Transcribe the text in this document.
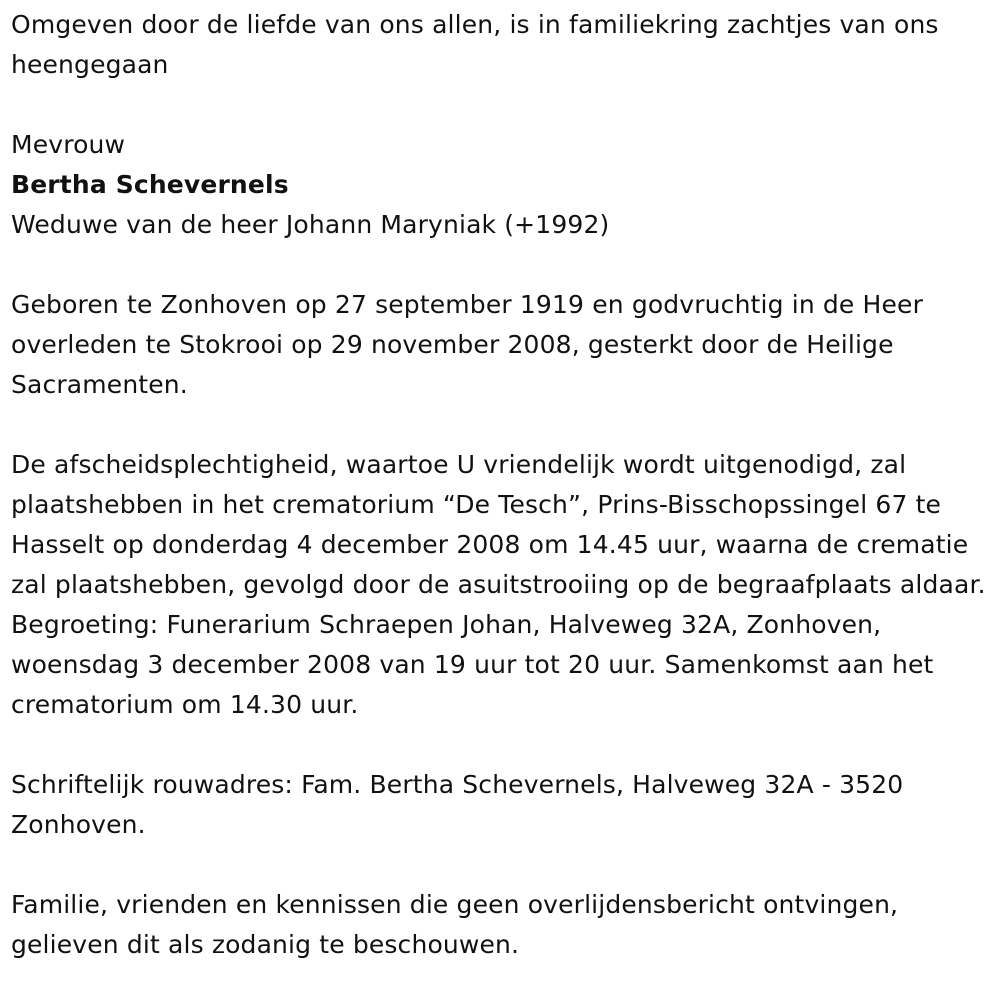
Omgeven door de liefde van ons allen, is in familiekring zachtjes van ons heengegaan

Mevrouw

Bertha Schevernels

Weduwe van de heer Johann Maryniak (+1992)

Geboren te Zonhoven op 27 september 1919 en godvruchtig in de Heer overleden te Stokrooi op 29 november 2008, gesterkt door de Heilige Sacramenten.

De afscheidsplechtigheid, waartoe U vriendelijk wordt uitgenodigd, zal plaatshebben in het crematorium “De Tesch”, Prins-Bisschopssingel 67 te Hasselt op donderdag 4 december 2008 om 14.45 uur, waarna de crematie zal plaatshebben, gevolgd door de asuitstrooiing op de begraafplaats aldaar. Begroeting: Funerarium Schraepen Johan, Halveweg 32A, Zonhoven, woensdag 3 december 2008 van 19 uur tot 20 uur. Samenkomst aan het crematorium om 14.30 uur.

Schriftelijk rouwadres: Fam. Bertha Schevernels, Halveweg 32A - 3520 Zonhoven.

Familie, vrienden en kennissen die geen overlijdensbericht ontvingen, gelieven dit als zodanig te beschouwen.
